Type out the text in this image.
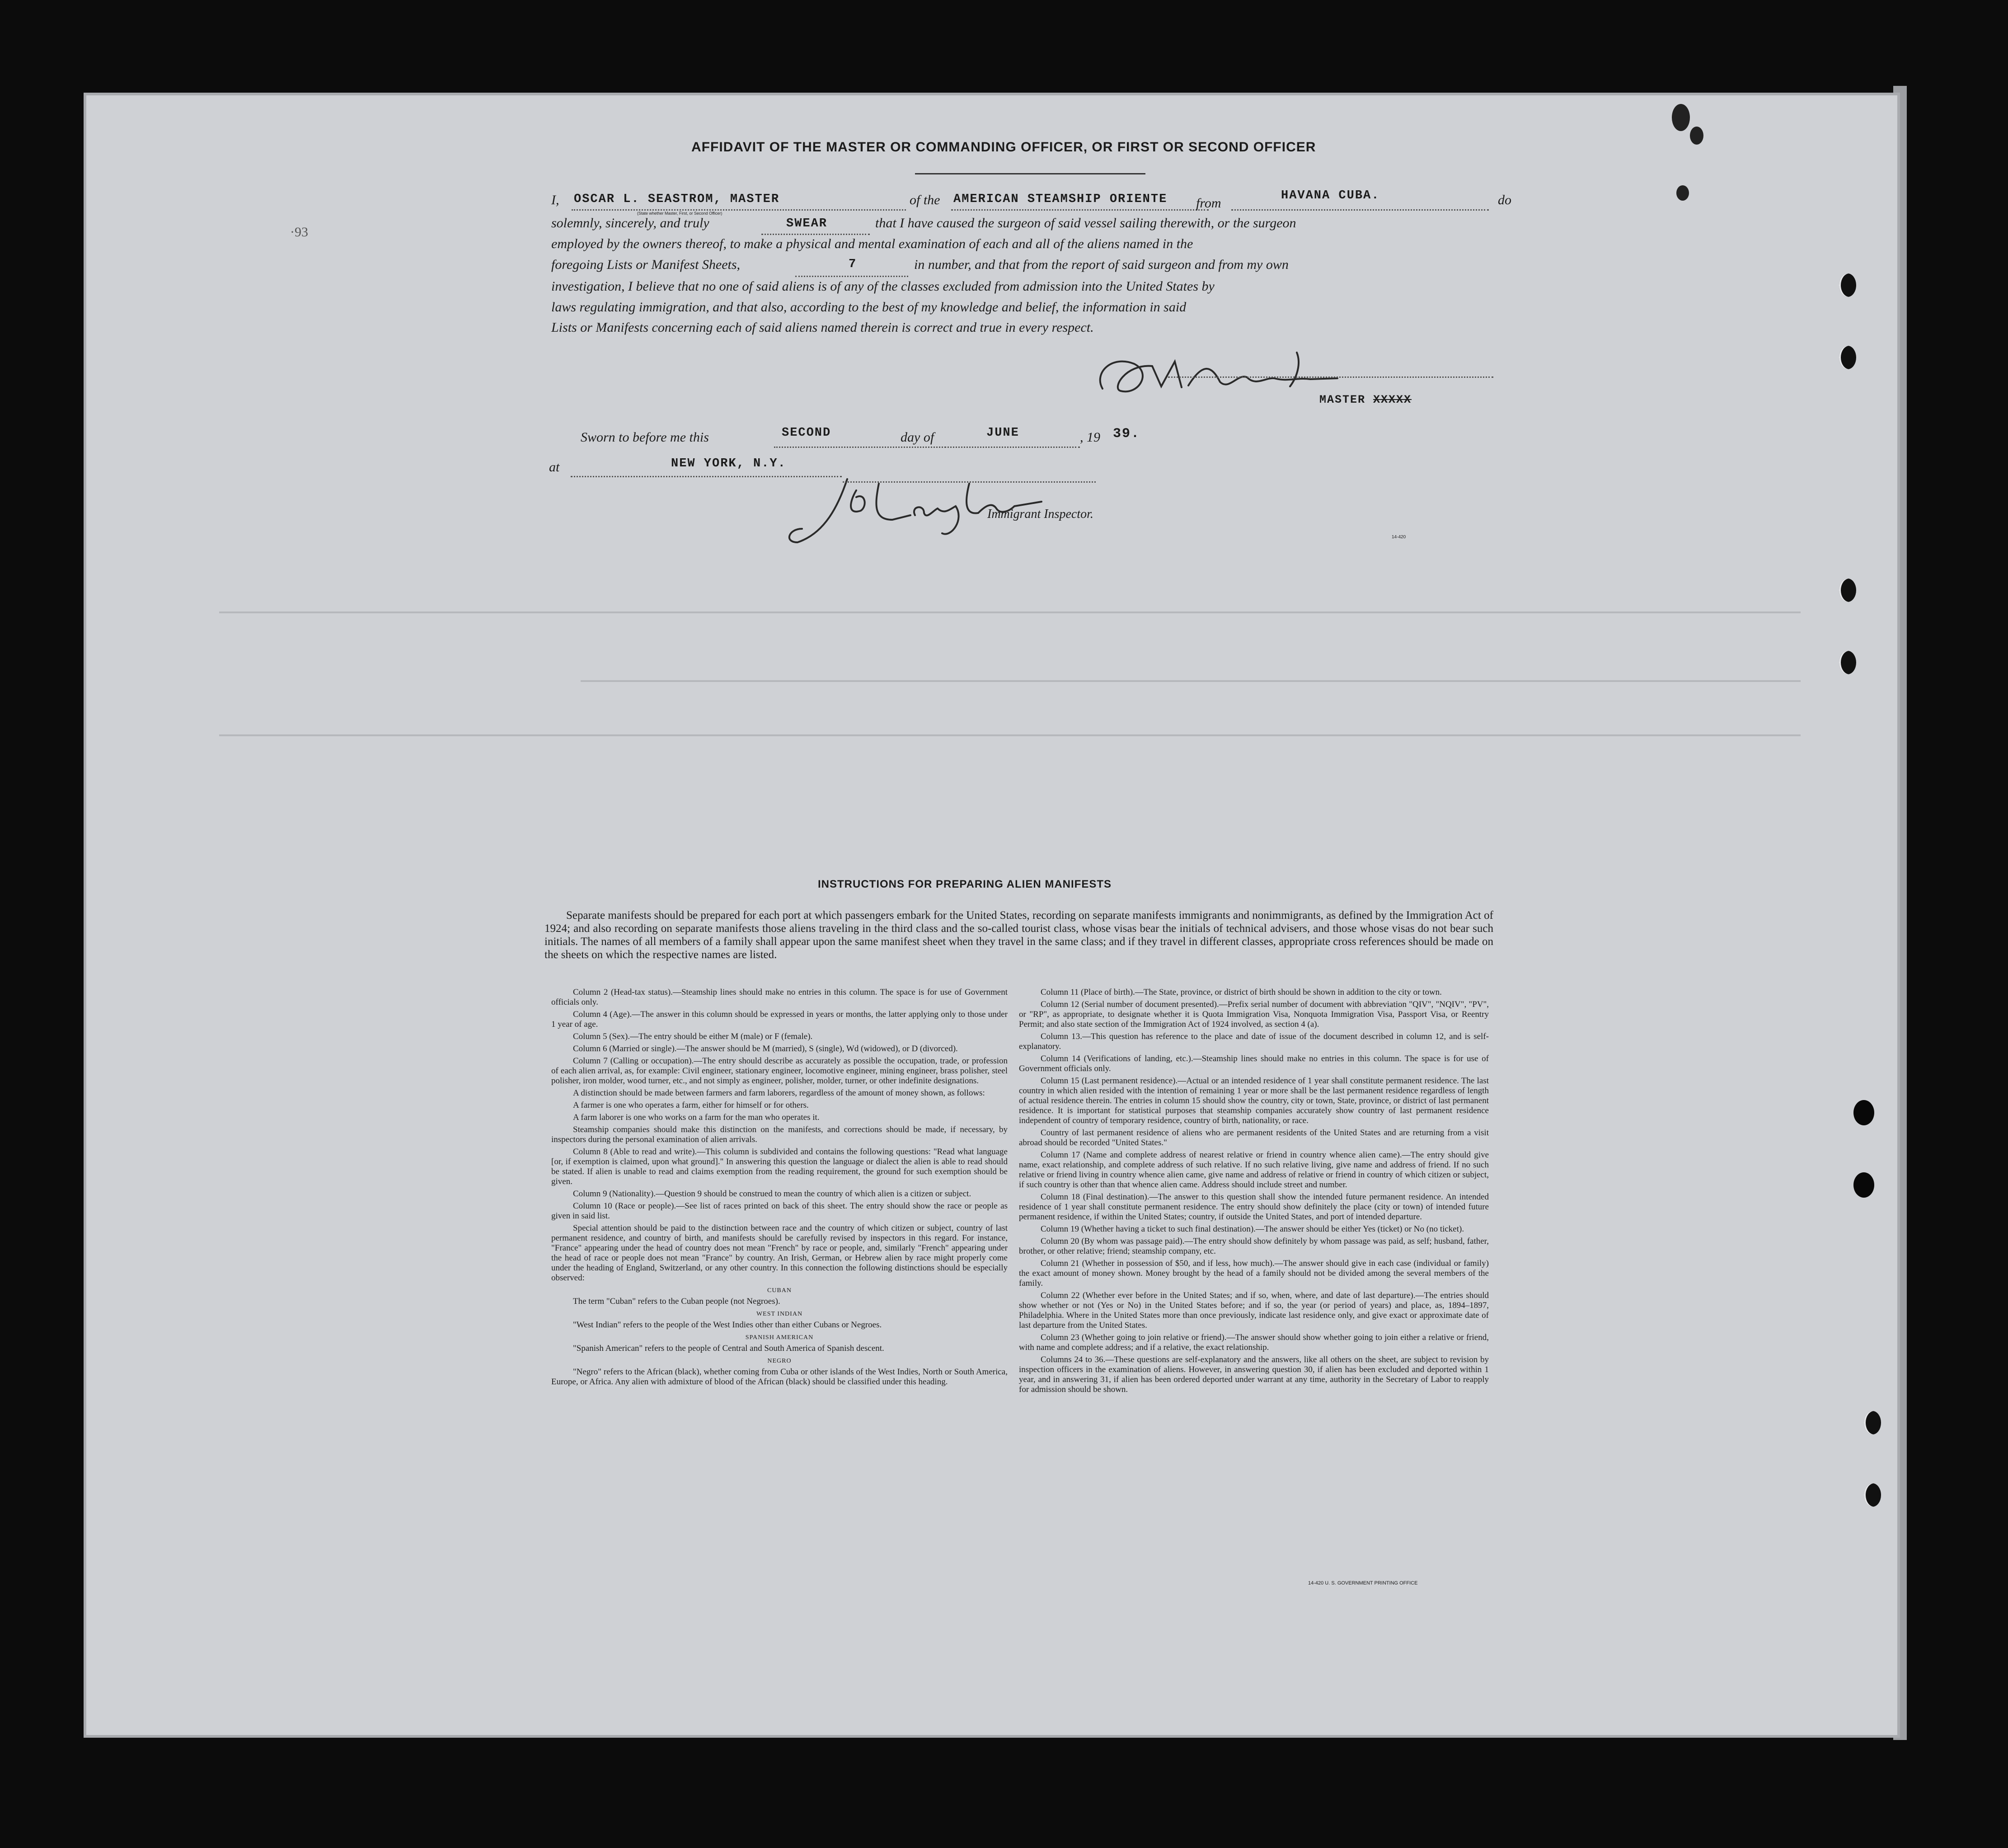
·93
AFFIDAVIT OF THE MASTER OR COMMANDING OFFICER, OR FIRST OR SECOND OFFICER
I, OSCAR L. SEASTROM, MASTER
(State whether Master, First, or Second Officer)
of the AMERICAN STEAMSHIP ORIENTE from	HAVANA CUBA.	do
solemnly, sincerely, and truly	SWEAR	that I have caused the surgeon of said vessel sailing therewith, or the surgeon
employed by the owners thereof, to make a physical and mental examination of each and all of the aliens named in the
foregoing Lists or Manifest Sheets,	7	in number, and that from the report of said surgeon and from my own
investigation, I believe that no one of said aliens is of any of the classes excluded from admission into the United States by
laws regulating immigration, and that also, according to the best of my knowledge and belief, the information in said
Lists or Manifests concerning each of said aliens named therein is correct and true in every respect.
MASTER XXXXX
Sworn to before me this	SECOND	day of	JUNE	, 19 39.
at	NEW YORK, N.Y.
Immigrant Inspector.
14-420
INSTRUCTIONS FOR PREPARING ALIEN MANIFESTS
Separate manifests should be prepared for each port at which passengers embark for the United States, recording on separate manifests immigrants and nonimmigrants, as defined by the Immigration Act of 1924; and also recording on separate manifests those aliens traveling in the third class and the so-called tourist class, whose visas bear the initials of technical advisers, and those whose visas do not bear such initials. The names of all members of a family shall appear upon the same manifest sheet when they travel in the same class; and if they travel in different classes, appropriate cross references should be made on the sheets on which the respective names are listed.

Column 2 (Head-tax status).—Steamship lines should make no entries in this column. The space is for use of Government officials only.

Column 4 (Age).—The answer in this column should be expressed in years or months, the latter applying only to those under 1 year of age.

Column 5 (Sex).—The entry should be either M (male) or F (female).

Column 6 (Married or single).—The answer should be M (married), S (single), Wd (widowed), or D (divorced).

Column 7 (Calling or occupation).—The entry should describe as accurately as possible the occupation, trade, or profession of each alien arrival, as, for example: Civil engineer, stationary engineer, locomotive engineer, mining engineer, brass polisher, steel polisher, iron molder, wood turner, etc., and not simply as engineer, polisher, molder, turner, or other indefinite designations.

A distinction should be made between farmers and farm laborers, regardless of the amount of money shown, as follows:

A farmer is one who operates a farm, either for himself or for others.

A farm laborer is one who works on a farm for the man who operates it.

Steamship companies should make this distinction on the manifests, and corrections should be made, if necessary, by inspectors during the personal examination of alien arrivals.

Column 8 (Able to read and write).—This column is subdivided and contains the following questions: "Read what language [or, if exemption is claimed, upon what ground]." In answering this question the language or dialect the alien is able to read should be stated. If alien is unable to read and claims exemption from the reading requirement, the ground for such exemption should be given.

Column 9 (Nationality).—Question 9 should be construed to mean the country of which alien is a citizen or subject.

Column 10 (Race or people).—See list of races printed on back of this sheet. The entry should show the race or people as given in said list.

Special attention should be paid to the distinction between race and the country of which citizen or subject, country of last permanent residence, and country of birth, and manifests should be carefully revised by inspectors in this regard. For instance, "France" appearing under the head of country does not mean "French" by race or people, and, similarly "French" appearing under the head of race or people does not mean "France" by country. An Irish, German, or Hebrew alien by race might properly come under the heading of England, Switzerland, or any other country. In this connection the following distinctions should be especially observed:

CUBAN

The term "Cuban" refers to the Cuban people (not Negroes).

WEST INDIAN

"West Indian" refers to the people of the West Indies other than either Cubans or Negroes.

SPANISH AMERICAN

"Spanish American" refers to the people of Central and South America of Spanish descent.

NEGRO

"Negro" refers to the African (black), whether coming from Cuba or other islands of the West Indies, North or South America, Europe, or Africa. Any alien with admixture of blood of the African (black) should be classified under this heading.

Column 11 (Place of birth).—The State, province, or district of birth should be shown in addition to the city or town.

Column 12 (Serial number of document presented).—Prefix serial number of document with abbreviation "QIV", "NQIV", "PV", or "RP", as appropriate, to designate whether it is Quota Immigration Visa, Nonquota Immigration Visa, Passport Visa, or Reentry Permit; and also state section of the Immigration Act of 1924 involved, as section 4 (a).

Column 13.—This question has reference to the place and date of issue of the document described in column 12, and is self-explanatory.

Column 14 (Verifications of landing, etc.).—Steamship lines should make no entries in this column. The space is for use of Government officials only.

Column 15 (Last permanent residence).—Actual or an intended residence of 1 year shall constitute permanent residence. The last country in which alien resided with the intention of remaining 1 year or more shall be the last permanent residence regardless of length of actual residence therein. The entries in column 15 should show the country, city or town, State, province, or district of last permanent residence. It is important for statistical purposes that steamship companies accurately show country of last permanent residence independent of country of temporary residence, country of birth, nationality, or race.

Country of last permanent residence of aliens who are permanent residents of the United States and are returning from a visit abroad should be recorded "United States."

Column 17 (Name and complete address of nearest relative or friend in country whence alien came).—The entry should give name, exact relationship, and complete address of such relative. If no such relative living, give name and address of friend. If no such relative or friend living in country whence alien came, give name and address of relative or friend in country of which citizen or subject, if such country is other than that whence alien came. Address should include street and number.

Column 18 (Final destination).—The answer to this question shall show the intended future permanent residence. An intended residence of 1 year shall constitute permanent residence. The entry should show definitely the place (city or town) of intended future permanent residence, if within the United States; country, if outside the United States, and port of intended departure.

Column 19 (Whether having a ticket to such final destination).—The answer should be either Yes (ticket) or No (no ticket).

Column 20 (By whom was passage paid).—The entry should show definitely by whom passage was paid, as self; husband, father, brother, or other relative; friend; steamship company, etc.

Column 21 (Whether in possession of $50, and if less, how much).—The answer should give in each case (individual or family) the exact amount of money shown. Money brought by the head of a family should not be divided among the several members of the family.

Column 22 (Whether ever before in the United States; and if so, when, where, and date of last departure).—The entries should show whether or not (Yes or No) in the United States before; and if so, the year (or period of years) and place, as, 1894–1897, Philadelphia. Where in the United States more than once previously, indicate last residence only, and give exact or approximate date of last departure from the United States.

Column 23 (Whether going to join relative or friend).—The answer should show whether going to join either a relative or friend, with name and complete address; and if a relative, the exact relationship.

Columns 24 to 36.—These questions are self-explanatory and the answers, like all others on the sheet, are subject to revision by inspection officers in the examination of aliens. However, in answering question 30, if alien has been excluded and deported within 1 year, and in answering 31, if alien has been ordered deported under warrant at any time, authority in the Secretary of Labor to reapply for admission should be shown.

14-420 U. S. GOVERNMENT PRINTING OFFICE
